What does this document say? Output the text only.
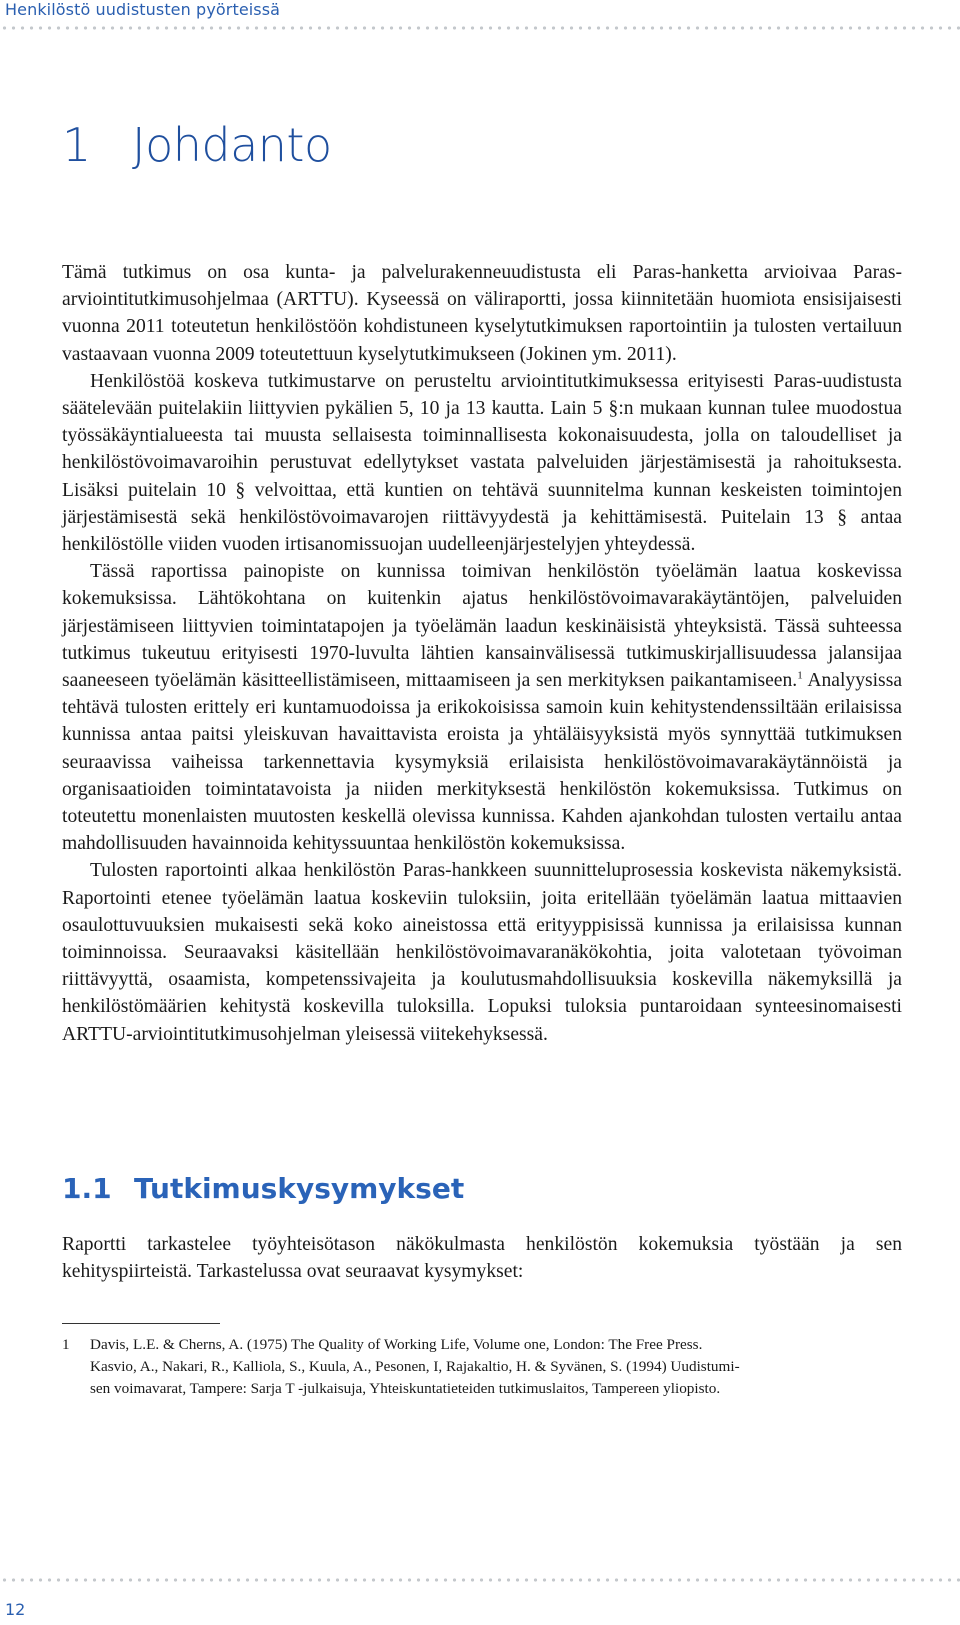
Henkilöstö uudistusten pyörteissä
1 Johdanto

Tämä tutkimus on osa kunta- ja palvelurakenneuudistusta eli Paras-hanketta arvioivaa Paras-arviointitutkimusohjelmaa (ARTTU). Kyseessä on väliraportti, jossa kiinnitetään huomiota ensisijaisesti vuonna 2011 toteutetun henkilöstöön kohdistuneen kyselytutkimuksen raportointiin ja tulosten vertailuun vastaavaan vuonna 2009 toteutettuun kyselytutkimukseen (Jokinen ym. 2011).

Henkilöstöä koskeva tutkimustarve on perusteltu arviointitutkimuksessa erityisesti Paras-uudistusta säätelevään puitelakiin liittyvien pykälien 5, 10 ja 13 kautta. Lain 5 §:n mukaan kunnan tulee muodostua työssäkäyntialueesta tai muusta sellaisesta toiminnallisesta kokonaisuudesta, jolla on taloudelliset ja henkilöstövoimavaroihin perustuvat edellytykset vastata palveluiden järjestämisestä ja rahoituksesta. Lisäksi puitelain 10 § velvoittaa, että kuntien on tehtävä suunnitelma kunnan keskeisten toimintojen järjestämisestä sekä henkilöstövoimavarojen riittävyydestä ja kehittämisestä. Puitelain 13 § antaa henkilöstölle viiden vuoden irtisanomissuojan uudelleenjärjestelyjen yhteydessä.

Tässä raportissa painopiste on kunnissa toimivan henkilöstön työelämän laatua koskevissa kokemuksissa. Lähtökohtana on kuitenkin ajatus henkilöstövoimavarakäytäntöjen, palveluiden järjestämiseen liittyvien toimintatapojen ja työelämän laadun keskinäisistä yhteyksistä. Tässä suhteessa tutkimus tukeutuu erityisesti 1970-luvulta lähtien kansainvälisessä tutkimuskirjallisuudessa jalansijaa saaneeseen työelämän käsitteellistämiseen, mittaamiseen ja sen merkityksen paikantamiseen.$^1$ Analyysissa tehtävä tulosten erittely eri kuntamuodoissa ja erikokoisissa samoin kuin kehitystendenssiltään erilaisissa kunnissa antaa paitsi yleiskuvan havaittavista eroista ja yhtäläisyyksistä myös synnyttää tutkimuksen seuraavissa vaiheissa tarkennettavia kysymyksiä erilaisista henkilöstövoimavarakäytännöistä ja organisaatioiden toimintatavoista ja niiden merkityksestä henkilöstön kokemuksissa. Tutkimus on toteutettu monenlaisten muutosten keskellä olevissa kunnissa. Kahden ajankohdan tulosten vertailu antaa mahdollisuuden havainnoida kehityssuuntaa henkilöstön kokemuksissa.

Tulosten raportointi alkaa henkilöstön Paras-hankkeen suunnitteluprosessia koskevista näkemyksistä. Raportointi etenee työelämän laatua koskeviin tuloksiin, joita eritellään työelämän laatua mittaavien osaulottuvuuksien mukaisesti sekä koko aineistossa että erityyppisissä kunnissa ja erilaisissa kunnan toiminnoissa. Seuraavaksi käsitellään henkilöstövoimavaranäkökohtia, joita valotetaan työvoiman riittävyyttä, osaamista, kompetenssivajeita ja koulutusmahdollisuuksia koskevilla näkemyksillä ja henkilöstömäärien kehitystä koskevilla tuloksilla. Lopuksi tuloksia puntaroidaan synteesinomaisesti ARTTU-arviointitutkimusohjelman yleisessä viitekehyksessä.

1.1 Tutkimuskysymykset

Raportti tarkastelee työyhteisötason näkökulmasta henkilöstön kokemuksia työstään ja sen kehityspiirteistä. Tarkastelussa ovat seuraavat kysymykset:

1 Davis, L.E. & Cherns, A. (1975) The Quality of Working Life, Volume one, London: The Free Press.
Kasvio, A., Nakari, R., Kalliola, S., Kuula, A., Pesonen, I, Rajakaltio, H. & Syvänen, S. (1994) Uudistumi-
sen voimavarat, Tampere: Sarja T -julkaisuja, Yhteiskuntatieteiden tutkimuslaitos, Tampereen yliopisto.
12
